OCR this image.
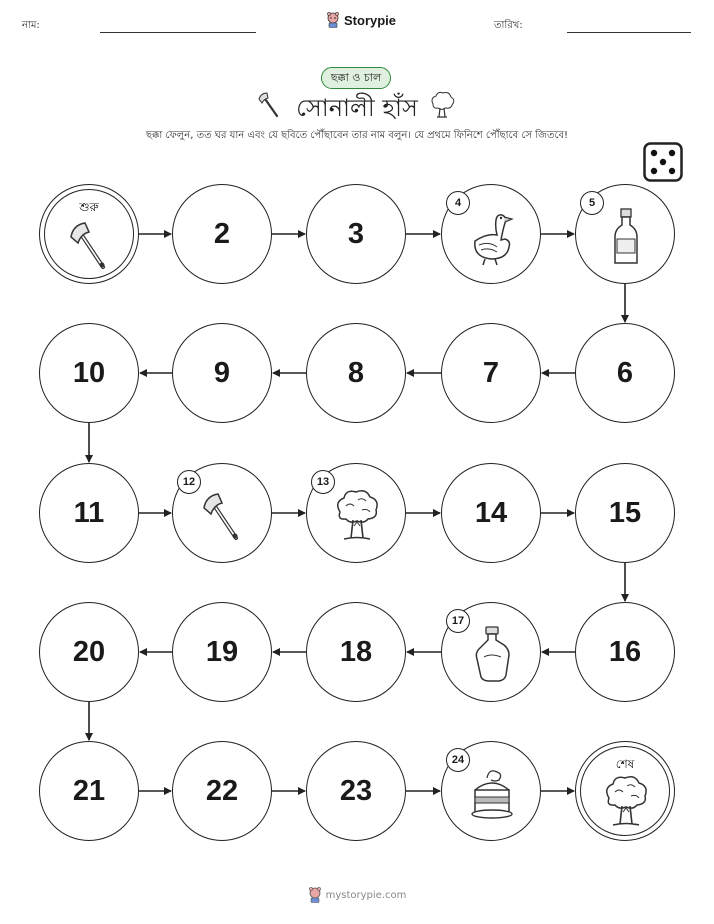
নাম:	Storypie	তারিখ:
ছক্কা ও চাল
সোনালী হাঁস
ছক্কা ফেলুন, তত ঘর যান এবং যে ছবিতে পৌঁছাবেন তার নাম বলুন। যে প্রথমে ফিনিশে পৌঁছাবে সে জিতবে!
শুরু
2	3
4	5
6
7
8
9
10
11
12	13
14	15
16
17
18
19
20
21	22	23
24	শেষ
mystorypie.com
